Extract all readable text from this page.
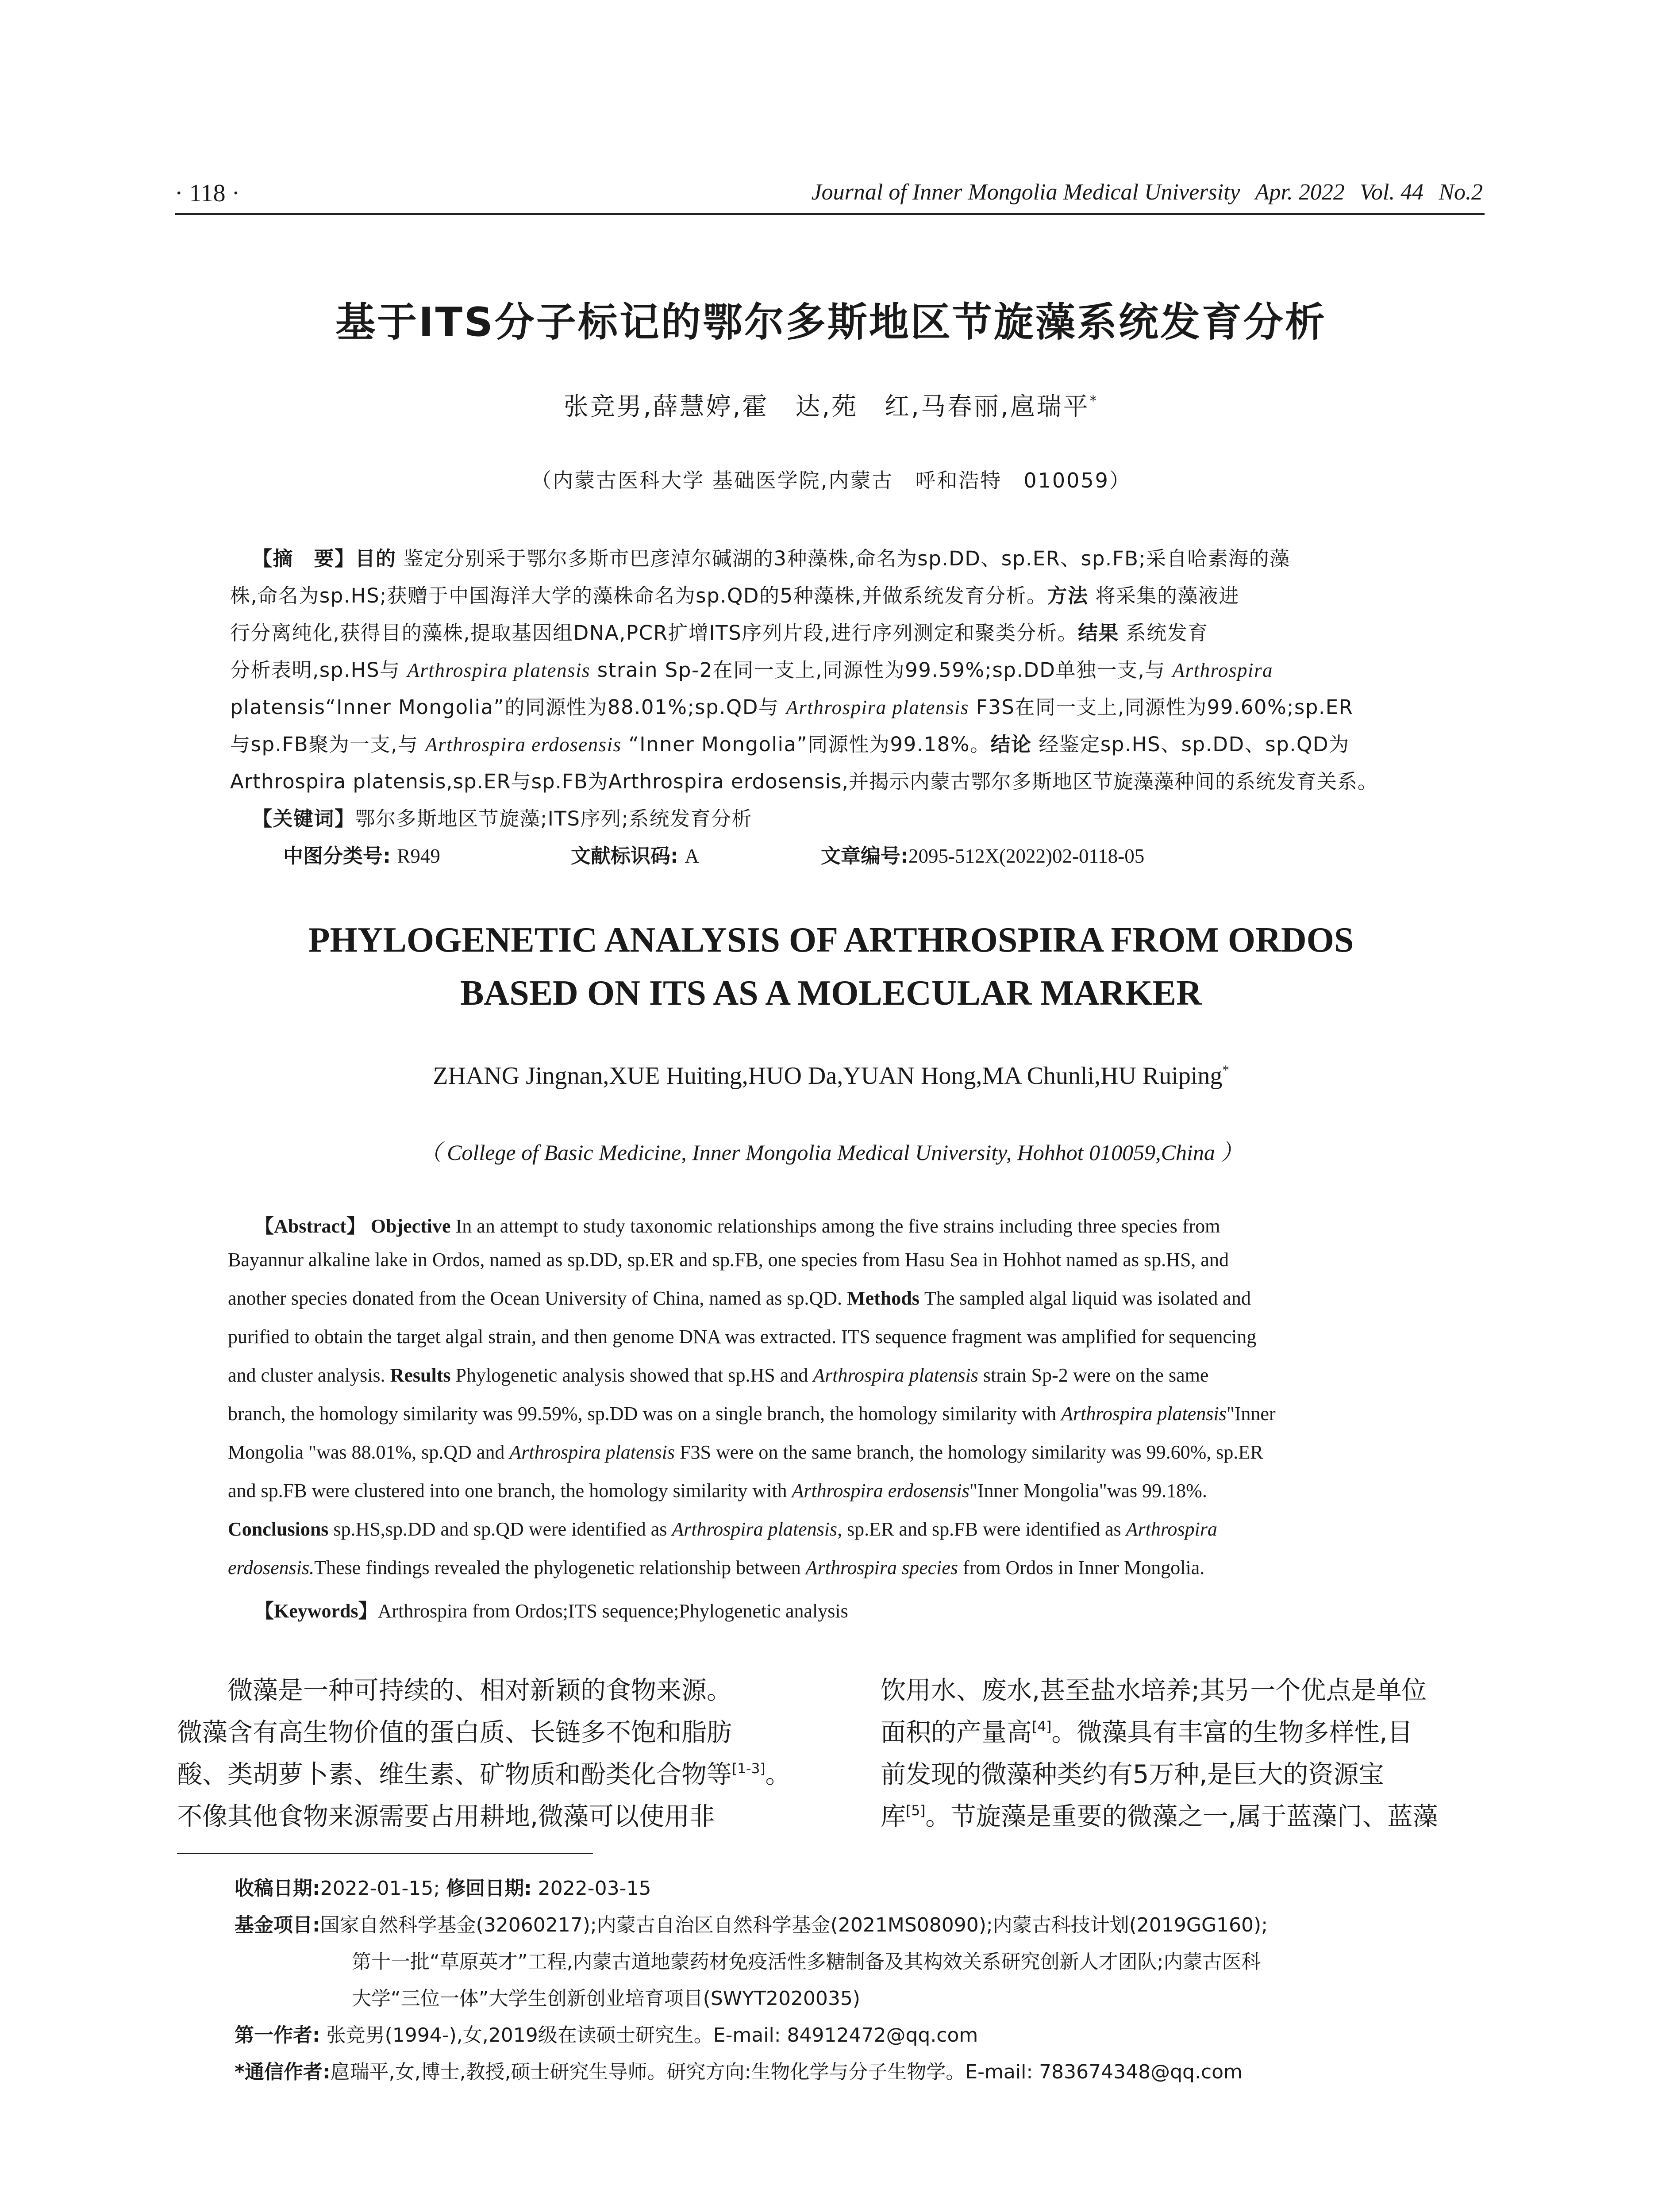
· 118 ·	Journal of Inner Mongolia Medical University Apr. 2022 Vol. 44 No.2
基于ITS分子标记的鄂尔多斯地区节旋藻系统发育分析
张竞男,薛慧婷,霍　达,苑　红,马春丽,扈瑞平*
（内蒙古医科大学 基础医学院,内蒙古　呼和浩特　010059）
【摘　要】目的 鉴定分别采于鄂尔多斯市巴彦淖尔碱湖的3种藻株,命名为sp.DD、sp.ER、sp.FB;采自哈素海的藻
株,命名为sp.HS;获赠于中国海洋大学的藻株命名为sp.QD的5种藻株,并做系统发育分析。方法 将采集的藻液进
行分离纯化,获得目的藻株,提取基因组DNA,PCR扩增ITS序列片段,进行序列测定和聚类分析。结果 系统发育
分析表明,sp.HS与 Arthrospira platensis strain Sp-2在同一支上,同源性为99.59%;sp.DD单独一支,与 Arthrospira
platensis“Inner Mongolia”的同源性为88.01%;sp.QD与 Arthrospira platensis F3S在同一支上,同源性为99.60%;sp.ER
与sp.FB聚为一支,与 Arthrospira erdosensis “Inner Mongolia”同源性为99.18%。结论 经鉴定sp.HS、sp.DD、sp.QD为
Arthrospira platensis,sp.ER与sp.FB为Arthrospira erdosensis,并揭示内蒙古鄂尔多斯地区节旋藻藻种间的系统发育关系。
【关键词】鄂尔多斯地区节旋藻;ITS序列;系统发育分析
中图分类号: R949	文献标识码: A	文章编号:2095-512X(2022)02-0118-05
PHYLOGENETIC ANALYSIS OF ARTHROSPIRA FROM ORDOS
BASED ON ITS AS A MOLECULAR MARKER
ZHANG Jingnan,XUE Huiting,HUO Da,YUAN Hong,MA Chunli,HU Ruiping*
（ College of Basic Medicine, Inner Mongolia Medical University, Hohhot 010059,China ）
【Abstract】 Objective In an attempt to study taxonomic relationships among the five strains including three species from
Bayannur alkaline lake in Ordos, named as sp.DD, sp.ER and sp.FB, one species from Hasu Sea in Hohhot named as sp.HS, and
another species donated from the Ocean University of China, named as sp.QD. Methods The sampled algal liquid was isolated and
purified to obtain the target algal strain, and then genome DNA was extracted. ITS sequence fragment was amplified for sequencing
and cluster analysis. Results Phylogenetic analysis showed that sp.HS and Arthrospira platensis strain Sp-2 were on the same
branch, the homology similarity was 99.59%, sp.DD was on a single branch, the homology similarity with Arthrospira platensis"Inner
Mongolia "was 88.01%, sp.QD and Arthrospira platensis F3S were on the same branch, the homology similarity was 99.60%, sp.ER
and sp.FB were clustered into one branch, the homology similarity with Arthrospira erdosensis"Inner Mongolia"was 99.18%.
Conclusions sp.HS,sp.DD and sp.QD were identified as Arthrospira platensis, sp.ER and sp.FB were identified as Arthrospira
erdosensis.These findings revealed the phylogenetic relationship between Arthrospira species from Ordos in Inner Mongolia.
【Keywords】Arthrospira from Ordos;ITS sequence;Phylogenetic analysis
　　微藻是一种可持续的、相对新颖的食物来源。
微藻含有高生物价值的蛋白质、长链多不饱和脂肪
酸、类胡萝卜素、维生素、矿物质和酚类化合物等[1-3]。
不像其他食物来源需要占用耕地,微藻可以使用非
饮用水、废水,甚至盐水培养;其另一个优点是单位
面积的产量高[4]。微藻具有丰富的生物多样性,目
前发现的微藻种类约有5万种,是巨大的资源宝
库[5]。节旋藻是重要的微藻之一,属于蓝藻门、蓝藻
收稿日期:2022-01-15; 修回日期: 2022-03-15
基金项目:国家自然科学基金(32060217);内蒙古自治区自然科学基金(2021MS08090);内蒙古科技计划(2019GG160);
第十一批“草原英才”工程,内蒙古道地蒙药材免疫活性多糖制备及其构效关系研究创新人才团队;内蒙古医科
大学“三位一体”大学生创新创业培育项目(SWYT2020035)
第一作者: 张竞男(1994-),女,2019级在读硕士研究生。E-mail: 84912472@qq.com
*通信作者:扈瑞平,女,博士,教授,硕士研究生导师。研究方向:生物化学与分子生物学。E-mail: 783674348@qq.com
